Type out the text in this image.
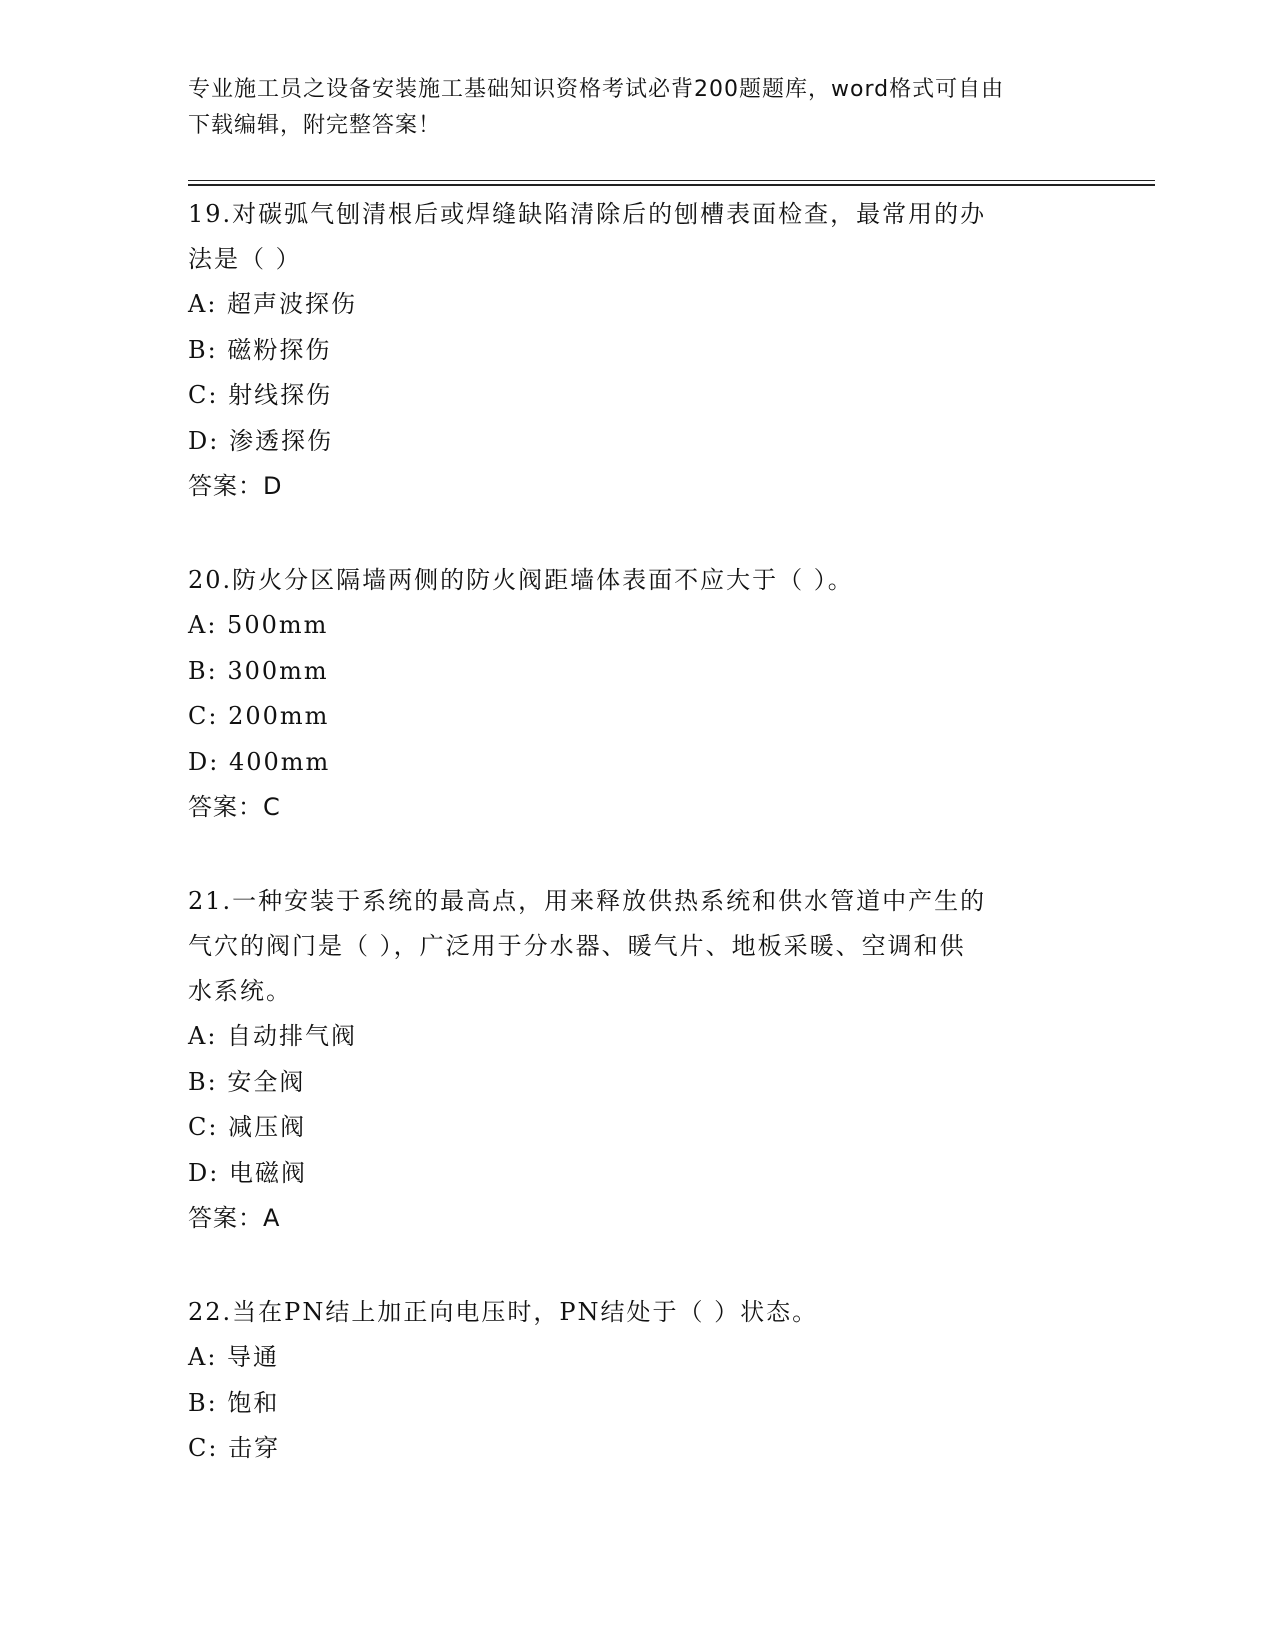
专业施工员之设备安装施工基础知识资格考试必背200题题库，word格式可自由
下载编辑，附完整答案！
19.对碳弧气刨清根后或焊缝缺陷清除后的刨槽表面检查，最常用的办
法是（ ）
A: 超声波探伤
B: 磁粉探伤
C: 射线探伤
D: 渗透探伤
答案：D
20.防火分区隔墙两侧的防火阀距墙体表面不应大于（ ）。
A: 500mm
B: 300mm
C: 200mm
D: 400mm
答案：C
21.一种安装于系统的最高点，用来释放供热系统和供水管道中产生的
气穴的阀门是（ ），广泛用于分水器、暖气片、地板采暖、空调和供
水系统。
A: 自动排气阀
B: 安全阀
C: 减压阀
D: 电磁阀
答案：A
22.当在PN结上加正向电压时，PN结处于（ ）状态。
A: 导通
B: 饱和
C: 击穿
